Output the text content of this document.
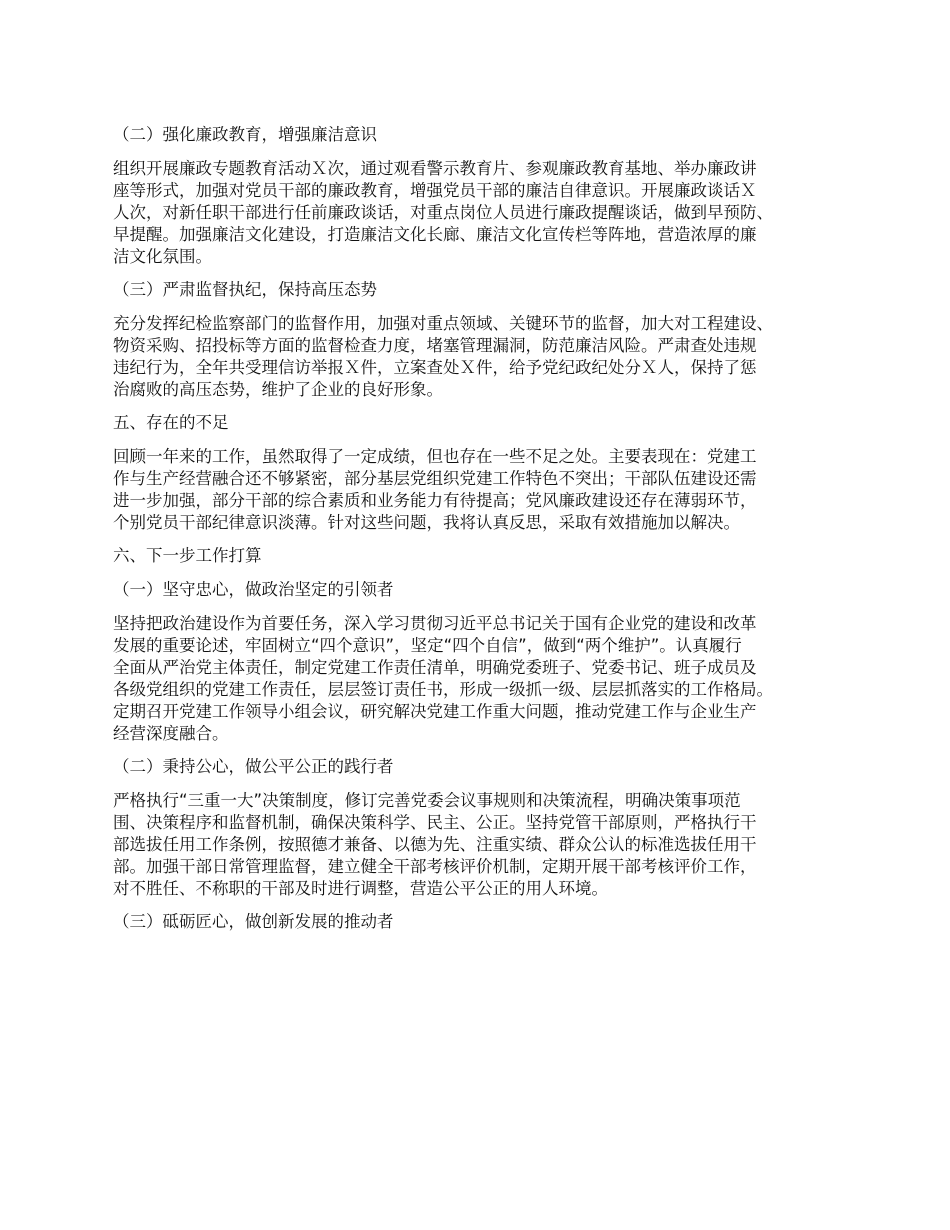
（二）强化廉政教育，增强廉洁意识
组织开展廉政专题教育活动Ｘ次，通过观看警示教育片、参观廉政教育基地、举办廉政讲
座等形式，加强对党员干部的廉政教育，增强党员干部的廉洁自律意识。开展廉政谈话Ｘ
人次，对新任职干部进行任前廉政谈话，对重点岗位人员进行廉政提醒谈话，做到早预防、
早提醒。加强廉洁文化建设，打造廉洁文化长廊、廉洁文化宣传栏等阵地，营造浓厚的廉
洁文化氛围。
（三）严肃监督执纪，保持高压态势
充分发挥纪检监察部门的监督作用，加强对重点领域、关键环节的监督，加大对工程建设、
物资采购、招投标等方面的监督检查力度，堵塞管理漏洞，防范廉洁风险。严肃查处违规
违纪行为，全年共受理信访举报Ｘ件，立案查处Ｘ件，给予党纪政纪处分Ｘ人，保持了惩
治腐败的高压态势，维护了企业的良好形象。
五、存在的不足
回顾一年来的工作，虽然取得了一定成绩，但也存在一些不足之处。主要表现在：党建工
作与生产经营融合还不够紧密，部分基层党组织党建工作特色不突出；干部队伍建设还需
进一步加强，部分干部的综合素质和业务能力有待提高；党风廉政建设还存在薄弱环节，
个别党员干部纪律意识淡薄。针对这些问题，我将认真反思，采取有效措施加以解决。
六、下一步工作打算
（一）坚守忠心，做政治坚定的引领者
坚持把政治建设作为首要任务，深入学习贯彻习近平总书记关于国有企业党的建设和改革
发展的重要论述，牢固树立“四个意识”，坚定“四个自信”，做到“两个维护”。认真履行
全面从严治党主体责任，制定党建工作责任清单，明确党委班子、党委书记、班子成员及
各级党组织的党建工作责任，层层签订责任书，形成一级抓一级、层层抓落实的工作格局。
定期召开党建工作领导小组会议，研究解决党建工作重大问题，推动党建工作与企业生产
经营深度融合。
（二）秉持公心，做公平公正的践行者
严格执行“三重一大”决策制度，修订完善党委会议事规则和决策流程，明确决策事项范
围、决策程序和监督机制，确保决策科学、民主、公正。坚持党管干部原则，严格执行干
部选拔任用工作条例，按照德才兼备、以德为先、注重实绩、群众公认的标准选拔任用干
部。加强干部日常管理监督，建立健全干部考核评价机制，定期开展干部考核评价工作，
对不胜任、不称职的干部及时进行调整，营造公平公正的用人环境。
（三）砥砺匠心，做创新发展的推动者
